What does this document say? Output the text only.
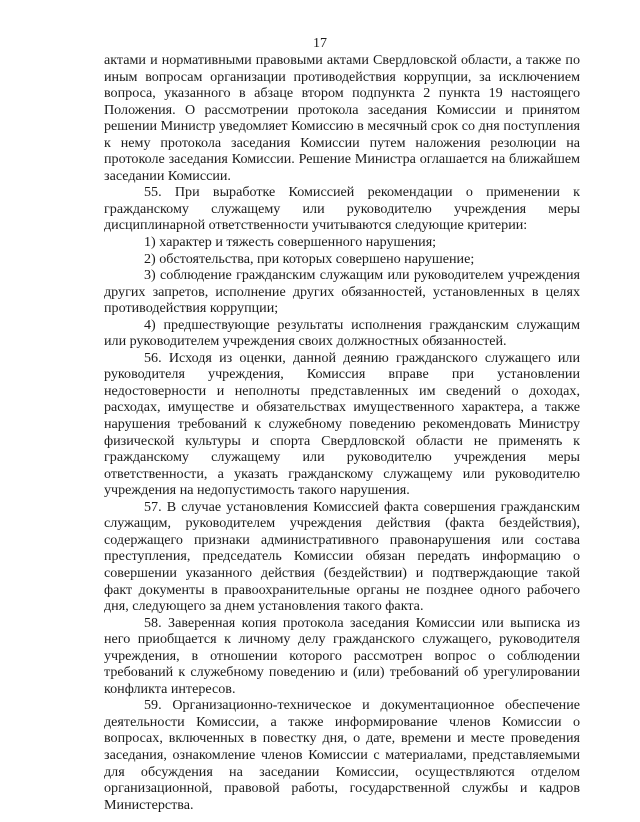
17

актами и нормативными правовыми актами Свердловской области, а также по иным вопросам организации противодействия коррупции, за исключением вопроса, указанного в абзаце втором подпункта 2 пункта 19 настоящего Положения. О рассмотрении протокола заседания Комиссии и принятом решении Министр уведомляет Комиссию в месячный срок со дня поступления к нему протокола заседания Комиссии путем наложения резолюции на протоколе заседания Комиссии. Решение Министра оглашается на ближайшем заседании Комиссии.

55. При выработке Комиссией рекомендации о применении к гражданскому служащему или руководителю учреждения меры дисциплинарной ответственности учитываются следующие критерии:

1) характер и тяжесть совершенного нарушения;

2) обстоятельства, при которых совершено нарушение;

3) соблюдение гражданским служащим или руководителем учреждения других запретов, исполнение других обязанностей, установленных в целях противодействия коррупции;

4) предшествующие результаты исполнения гражданским служащим или руководителем учреждения своих должностных обязанностей.

56. Исходя из оценки, данной деянию гражданского служащего или руководителя учреждения, Комиссия вправе при установлении недостоверности и неполноты представленных им сведений о доходах, расходах, имуществе и обязательствах имущественного характера, а также нарушения требований к служебному поведению рекомендовать Министру физической культуры и спорта Свердловской области не применять к гражданскому служащему или руководителю учреждения меры ответственности, а указать гражданскому служащему или руководителю учреждения на недопустимость такого нарушения.

57. В случае установления Комиссией факта совершения гражданским служащим, руководителем учреждения действия (факта бездействия), содержащего признаки административного правонарушения или состава преступления, председатель Комиссии обязан передать информацию о совершении указанного действия (бездействии) и подтверждающие такой факт документы в правоохранительные органы не позднее одного рабочего дня, следующего за днем установления такого факта.

58. Заверенная копия протокола заседания Комиссии или выписка из него приобщается к личному делу гражданского служащего, руководителя учреждения, в отношении которого рассмотрен вопрос о соблюдении требований к служебному поведению и (или) требований об урегулировании конфликта интересов.

59. Организационно-техническое и документационное обеспечение деятельности Комиссии, а также информирование членов Комиссии о вопросах, включенных в повестку дня, о дате, времени и месте проведения заседания, ознакомление членов Комиссии с материалами, представляемыми для обсуждения на заседании Комиссии, осуществляются отделом организационной, правовой работы, государственной службы и кадров Министерства.
